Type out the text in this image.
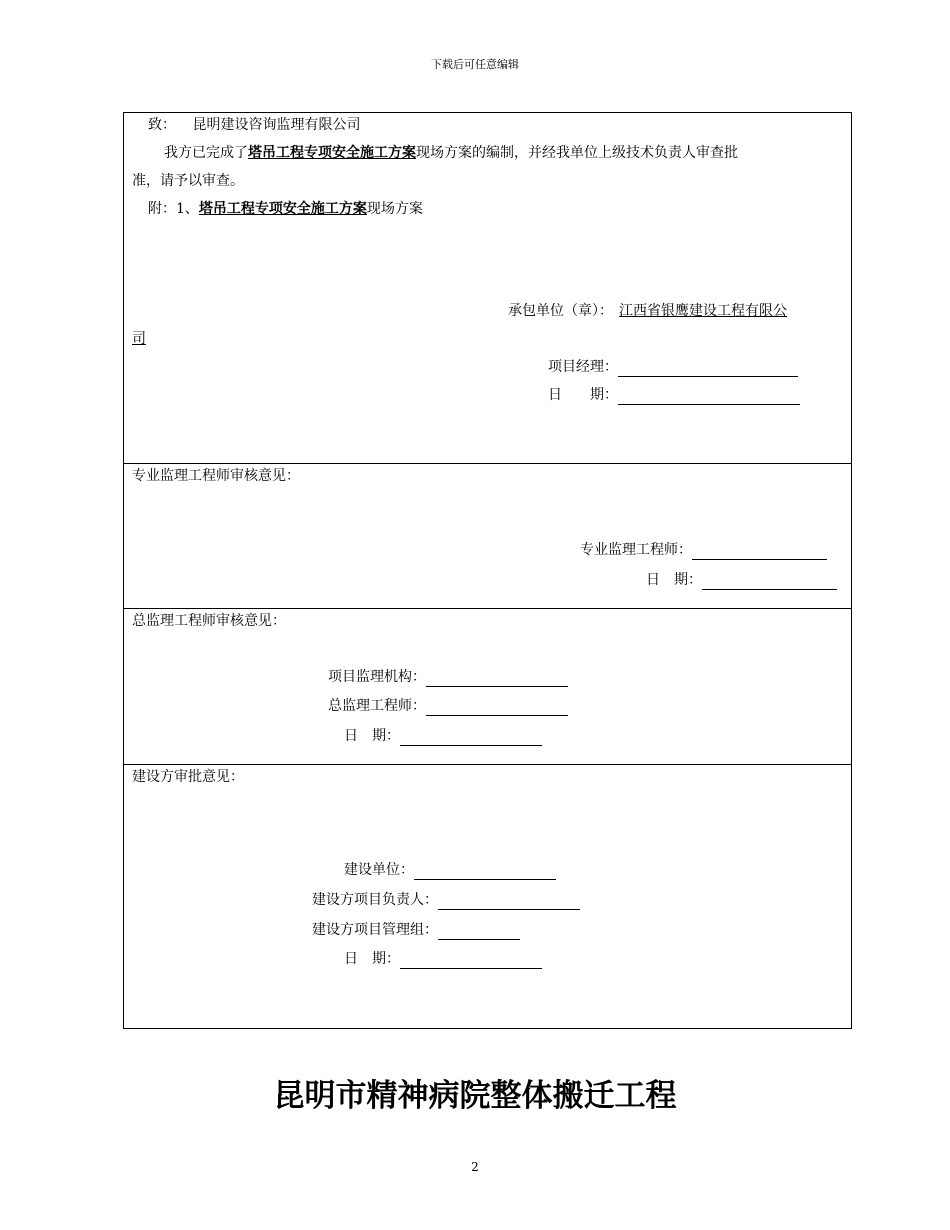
下载后可任意编辑
致： 昆明建设咨询监理有限公司
我方已完成了塔吊工程专项安全施工方案现场方案的编制，并经我单位上级技术负责人审查批
准，请予以审查。
附：1、塔吊工程专项安全施工方案现场方案
承包单位（章）： 江西省银鹰建设工程有限公
司
项目经理：
日　　期：
专业监理工程师审核意见：
专业监理工程师：
日　期：
总监理工程师审核意见：
项目监理机构：
总监理工程师：
日　期：
建设方审批意见：
建设单位：
建设方项目负责人：
建设方项目管理组：
日　期：
昆明市精神病院整体搬迁工程
2
